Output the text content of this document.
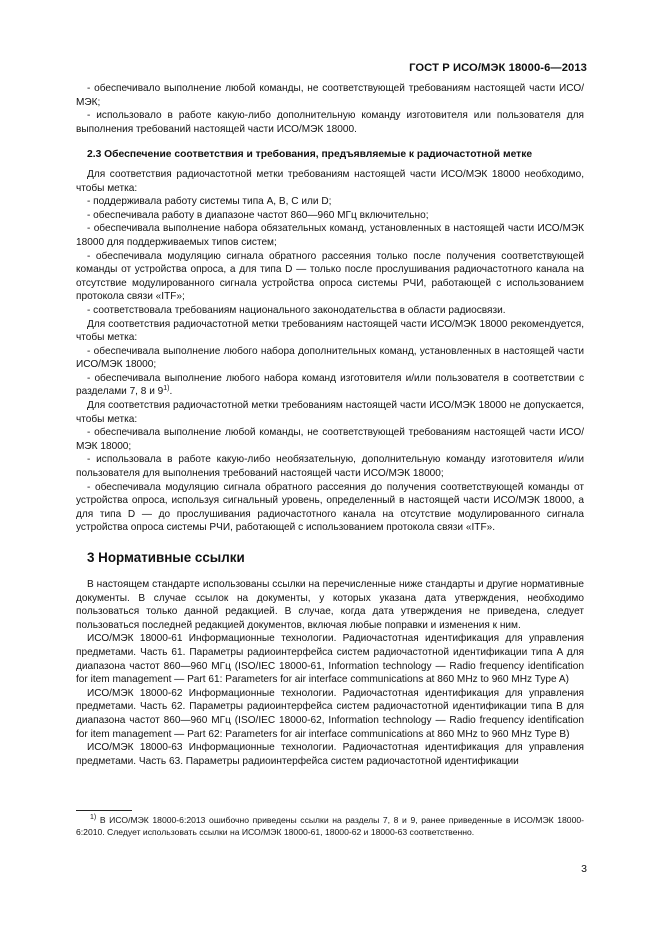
ГОСТ Р ИСО/МЭК 18000-6—2013

- обеспечивало выполнение любой команды, не соответствующей требованиям настоящей части ИСО/МЭК;

- использовало в работе какую-либо дополнительную команду изготовителя или пользователя для выполнения требований настоящей части ИСО/МЭК 18000.

2.3 Обеспечение соответствия и требования, предъявляемые к радиочастотной метке

Для соответствия радиочастотной метки требованиям настоящей части ИСО/МЭК 18000 необходимо, чтобы метка:

- поддерживала работу системы типа A, B, C или D;

- обеспечивала работу в диапазоне частот 860—960 МГц включительно;

- обеспечивала выполнение набора обязательных команд, установленных в настоящей части ИСО/МЭК 18000 для поддерживаемых типов систем;

- обеспечивала модуляцию сигнала обратного рассеяния только после получения соответствующей команды от устройства опроса, а для типа D — только после прослушивания радиочастотного канала на отсутствие модулированного сигнала устройства опроса системы РЧИ, работающей с использованием протокола связи «ITF»;

- соответствовала требованиям национального законодательства в области радиосвязи.

Для соответствия радиочастотной метки требованиям настоящей части ИСО/МЭК 18000 рекомендуется, чтобы метка:

- обеспечивала выполнение любого набора дополнительных команд, установленных в настоящей части ИСО/МЭК 18000;

- обеспечивала выполнение любого набора команд изготовителя и/или пользователя в соответствии с разделами 7, 8 и 9$^{1)}$.

Для соответствия радиочастотной метки требованиям настоящей части ИСО/МЭК 18000 не допускается, чтобы метка:

- обеспечивала выполнение любой команды, не соответствующей требованиям настоящей части ИСО/МЭК 18000;

- использовала в работе какую-либо необязательную, дополнительную команду изготовителя и/или пользователя для выполнения требований настоящей части ИСО/МЭК 18000;

- обеспечивала модуляцию сигнала обратного рассеяния до получения соответствующей команды от устройства опроса, используя сигнальный уровень, определенный в настоящей части ИСО/МЭК 18000, а для типа D — до прослушивания радиочастотного канала на отсутствие модулированного сигнала устройства опроса системы РЧИ, работающей с использованием протокола связи «ITF».

3 Нормативные ссылки

В настоящем стандарте использованы ссылки на перечисленные ниже стандарты и другие нормативные документы. В случае ссылок на документы, у которых указана дата утверждения, необходимо пользоваться только данной редакцией. В случае, когда дата утверждения не приведена, следует пользоваться последней редакцией документов, включая любые поправки и изменения к ним.

ИСО/МЭК 18000-61 Информационные технологии. Радиочастотная идентификация для управления предметами. Часть 61. Параметры радиоинтерфейса систем радиочастотной идентификации типа A для диапазона частот 860—960 МГц (ISO/IEC 18000-61, Information technology — Radio frequency identification for item management — Part 61: Parameters for air interface communications at 860 MHz to 960 MHz Type A)

ИСО/МЭК 18000-62 Информационные технологии. Радиочастотная идентификация для управления предметами. Часть 62. Параметры радиоинтерфейса систем радиочастотной идентификации типа B для диапазона частот 860—960 МГц (ISO/IEC 18000-62, Information technology — Radio frequency identification for item management — Part 62: Parameters for air interface communications at 860 MHz to 960 MHz Type B)

ИСО/МЭК 18000-63 Информационные технологии. Радиочастотная идентификация для управления предметами. Часть 63. Параметры радиоинтерфейса систем радиочастотной идентификации

$^{1)}$ В ИСО/МЭК 18000-6:2013 ошибочно приведены ссылки на разделы 7, 8 и 9, ранее приведенные в ИСО/МЭК 18000-6:2010. Следует использовать ссылки на ИСО/МЭК 18000-61, 18000-62 и 18000-63 соответственно.

3
